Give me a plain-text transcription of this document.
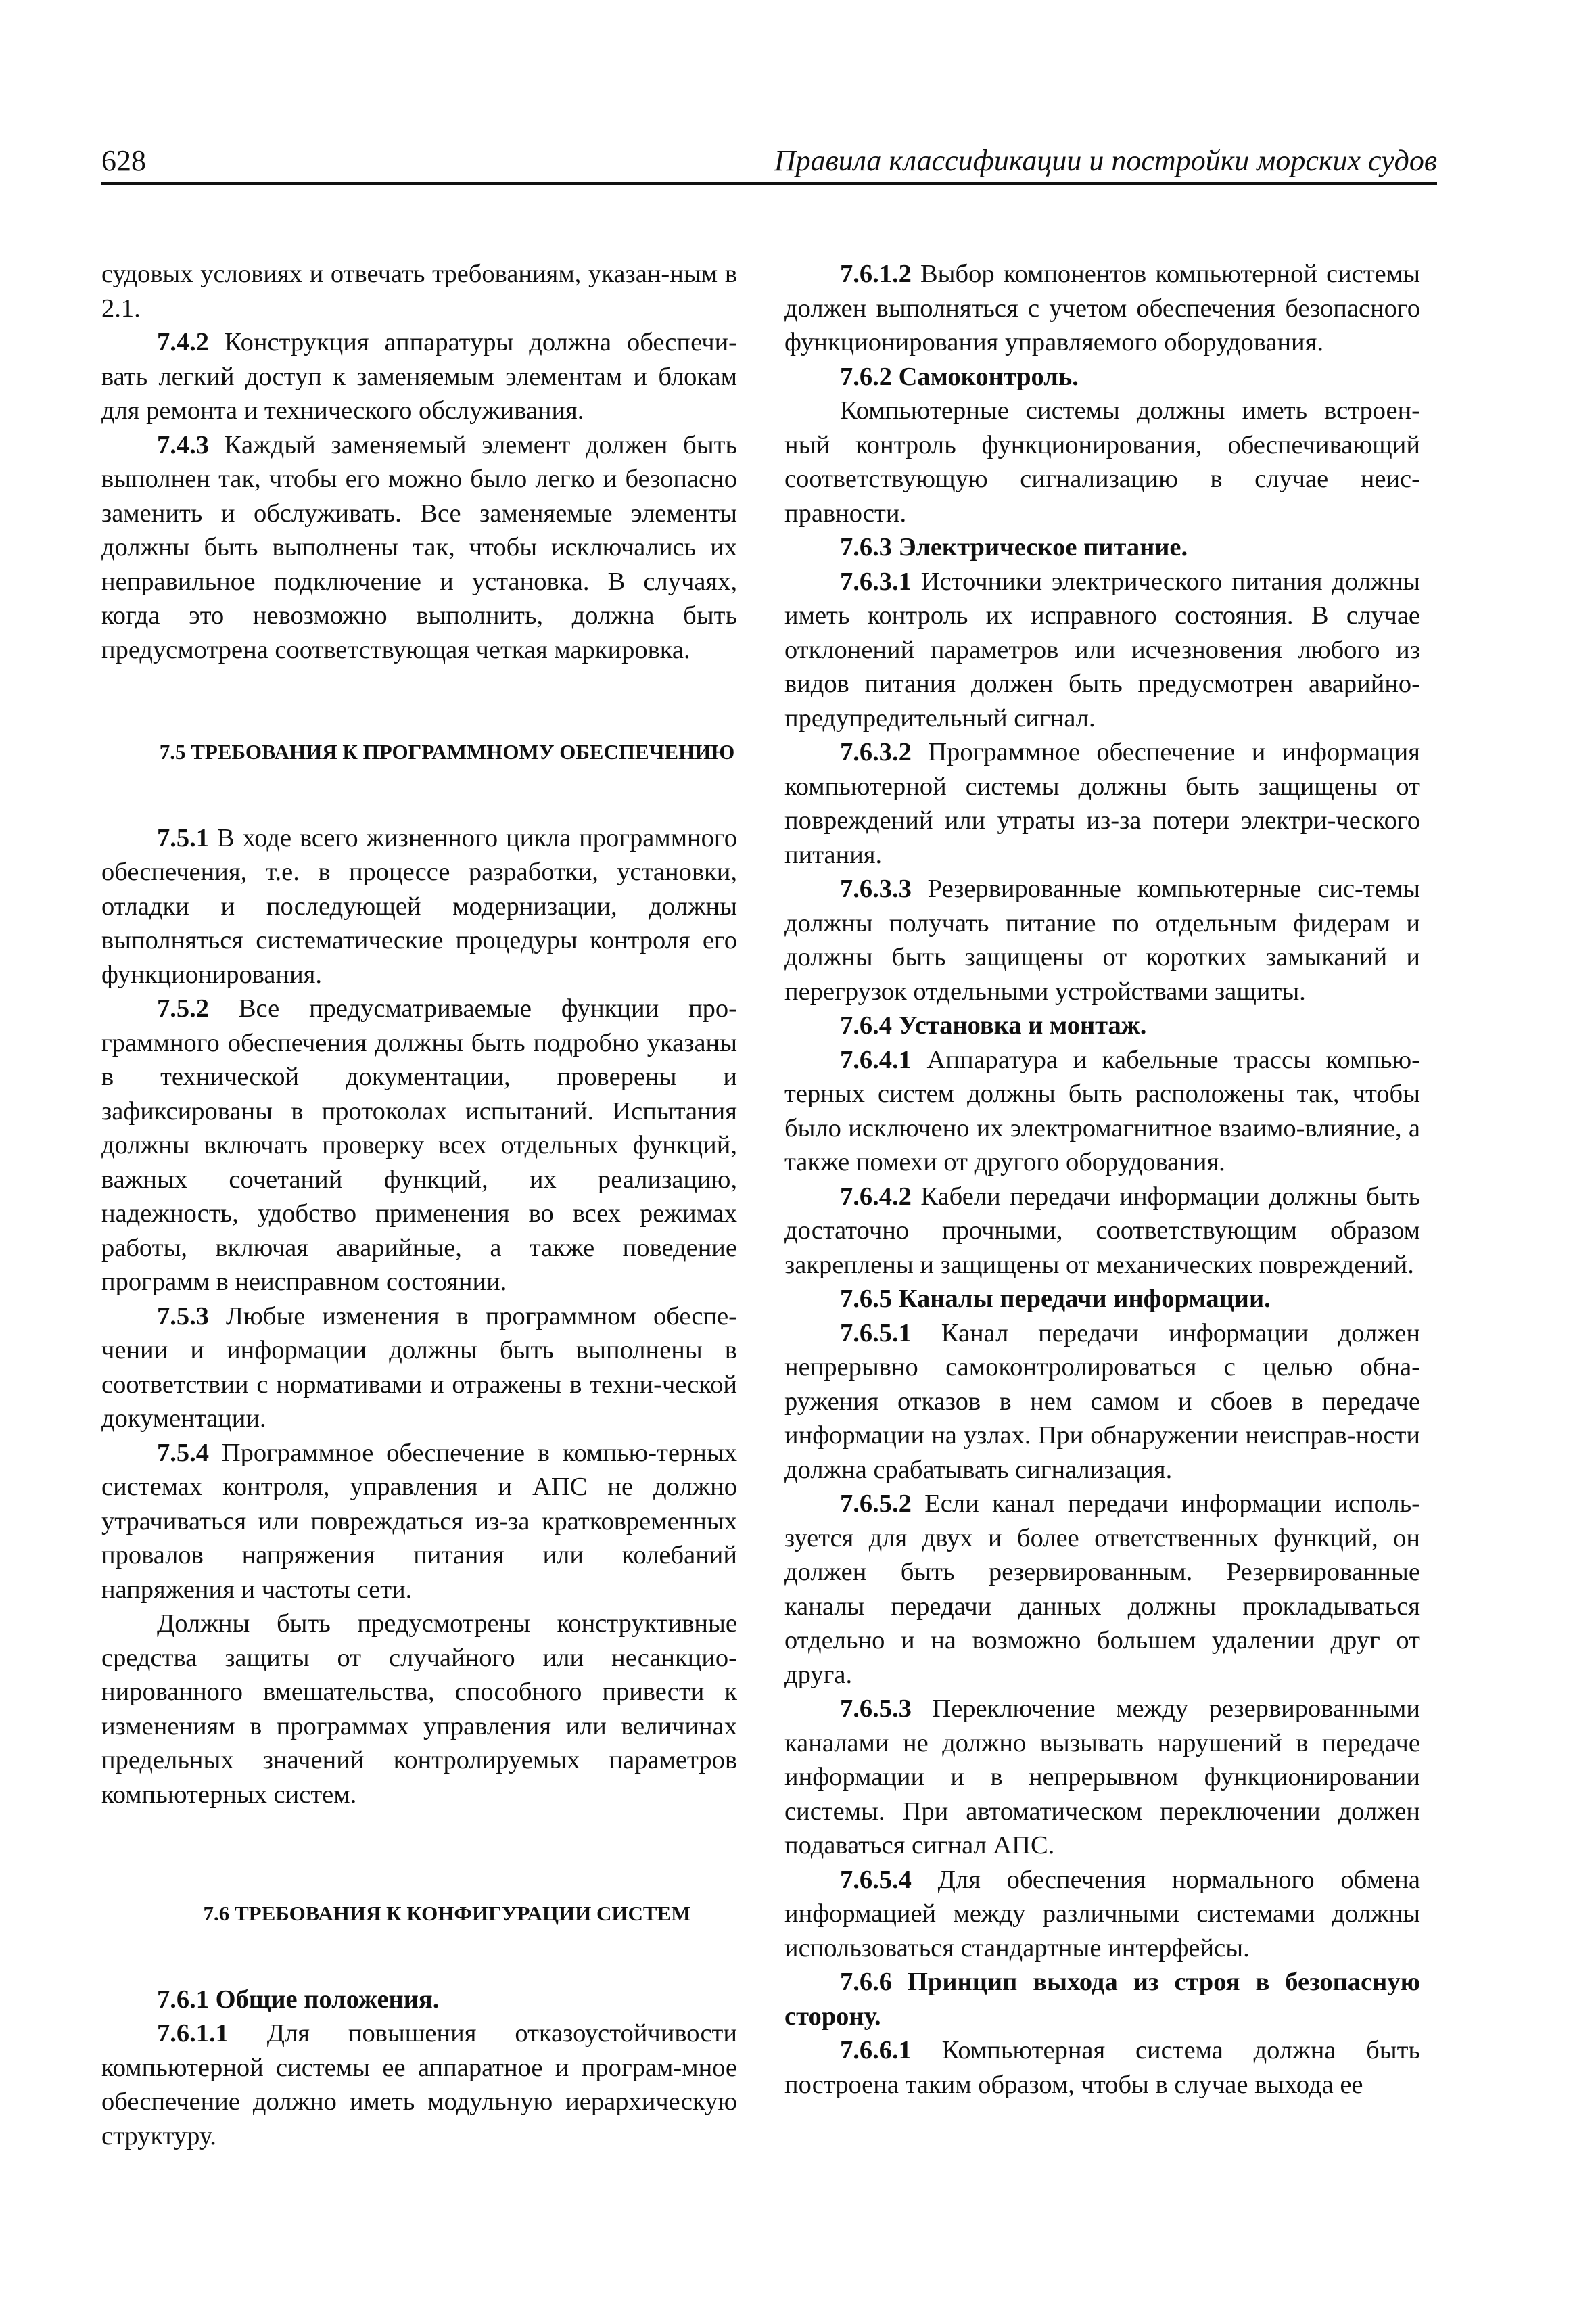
628	Правила классификации и постройки морских судов

судовых условиях и отвечать требованиям, указан-ным в 2.1.

7.4.2 Конструкция аппаратуры должна обеспечи-вать легкий доступ к заменяемым элементам и блокам для ремонта и технического обслуживания.

7.4.3 Каждый заменяемый элемент должен быть выполнен так, чтобы его можно было легко и безопасно заменить и обслуживать. Все заменяемые элементы должны быть выполнены так, чтобы исключались их неправильное подключение и установка. В случаях, когда это невозможно выполнить, должна быть предусмотрена соответствующая четкая маркировка.

7.5 ТРЕБОВАНИЯ К ПРОГРАММНОМУ ОБЕСПЕЧЕНИЮ

7.5.1 В ходе всего жизненного цикла программного обеспечения, т.е. в процессе разработки, установки, отладки и последующей модернизации, должны выполняться систематические процедуры контроля его функционирования.

7.5.2 Все предусматриваемые функции про-граммного обеспечения должны быть подробно указаны в технической документации, проверены и зафиксированы в протоколах испытаний. Испытания должны включать проверку всех отдельных функций, важных сочетаний функций, их реализацию, надежность, удобство применения во всех режимах работы, включая аварийные, а также поведение программ в неисправном состоянии.

7.5.3 Любые изменения в программном обеспе-чении и информации должны быть выполнены в соответствии с нормативами и отражены в техни-ческой документации.

7.5.4 Программное обеспечение в компью-терных системах контроля, управления и АПС не должно утрачиваться или повреждаться из-за кратковременных провалов напряжения питания или колебаний напряжения и частоты сети.

Должны быть предусмотрены конструктивные средства защиты от случайного или несанкцио-нированного вмешательства, способного привести к изменениям в программах управления или величинах предельных значений контролируемых параметров компьютерных систем.

7.6 ТРЕБОВАНИЯ К КОНФИГУРАЦИИ СИСТЕМ

7.6.1 Общие положения.

7.6.1.1 Для повышения отказоустойчивости компьютерной системы ее аппаратное и програм-мное обеспечение должно иметь модульную иерархическую структуру.

7.6.1.2 Выбор компонентов компьютерной системы должен выполняться с учетом обеспечения безопасного функционирования управляемого оборудования.

7.6.2 Самоконтроль.

Компьютерные системы должны иметь встроен-ный контроль функционирования, обеспечивающий соответствующую сигнализацию в случае неис-правности.

7.6.3 Электрическое питание.

7.6.3.1 Источники электрического питания должны иметь контроль их исправного состояния. В случае отклонений параметров или исчезновения любого из видов питания должен быть предусмотрен аварийно-предупредительный сигнал.

7.6.3.2 Программное обеспечение и информация компьютерной системы должны быть защищены от повреждений или утраты из-за потери электри-ческого питания.

7.6.3.3 Резервированные компьютерные сис-темы должны получать питание по отдельным фидерам и должны быть защищены от коротких замыканий и перегрузок отдельными устройствами защиты.

7.6.4 Установка и монтаж.

7.6.4.1 Аппаратура и кабельные трассы компью-терных систем должны быть расположены так, чтобы было исключено их электромагнитное взаимо-влияние, а также помехи от другого оборудования.

7.6.4.2 Кабели передачи информации должны быть достаточно прочными, соответствующим образом закреплены и защищены от механических повреждений.

7.6.5 Каналы передачи информации.

7.6.5.1 Канал передачи информации должен непрерывно самоконтролироваться с целью обна-ружения отказов в нем самом и сбоев в передаче информации на узлах. При обнаружении неисправ-ности должна срабатывать сигнализация.

7.6.5.2 Если канал передачи информации исполь-зуется для двух и более ответственных функций, он должен быть резервированным. Резервированные каналы передачи данных должны прокладываться отдельно и на возможно большем удалении друг от друга.

7.6.5.3 Переключение между резервированными каналами не должно вызывать нарушений в передаче информации и в непрерывном функционировании системы. При автоматическом переключении должен подаваться сигнал АПС.

7.6.5.4 Для обеспечения нормального обмена информацией между различными системами должны использоваться стандартные интерфейсы.

7.6.6 Принцип выхода из строя в безопасную сторону.

7.6.6.1 Компьютерная система должна быть построена таким образом, чтобы в случае выхода ее
